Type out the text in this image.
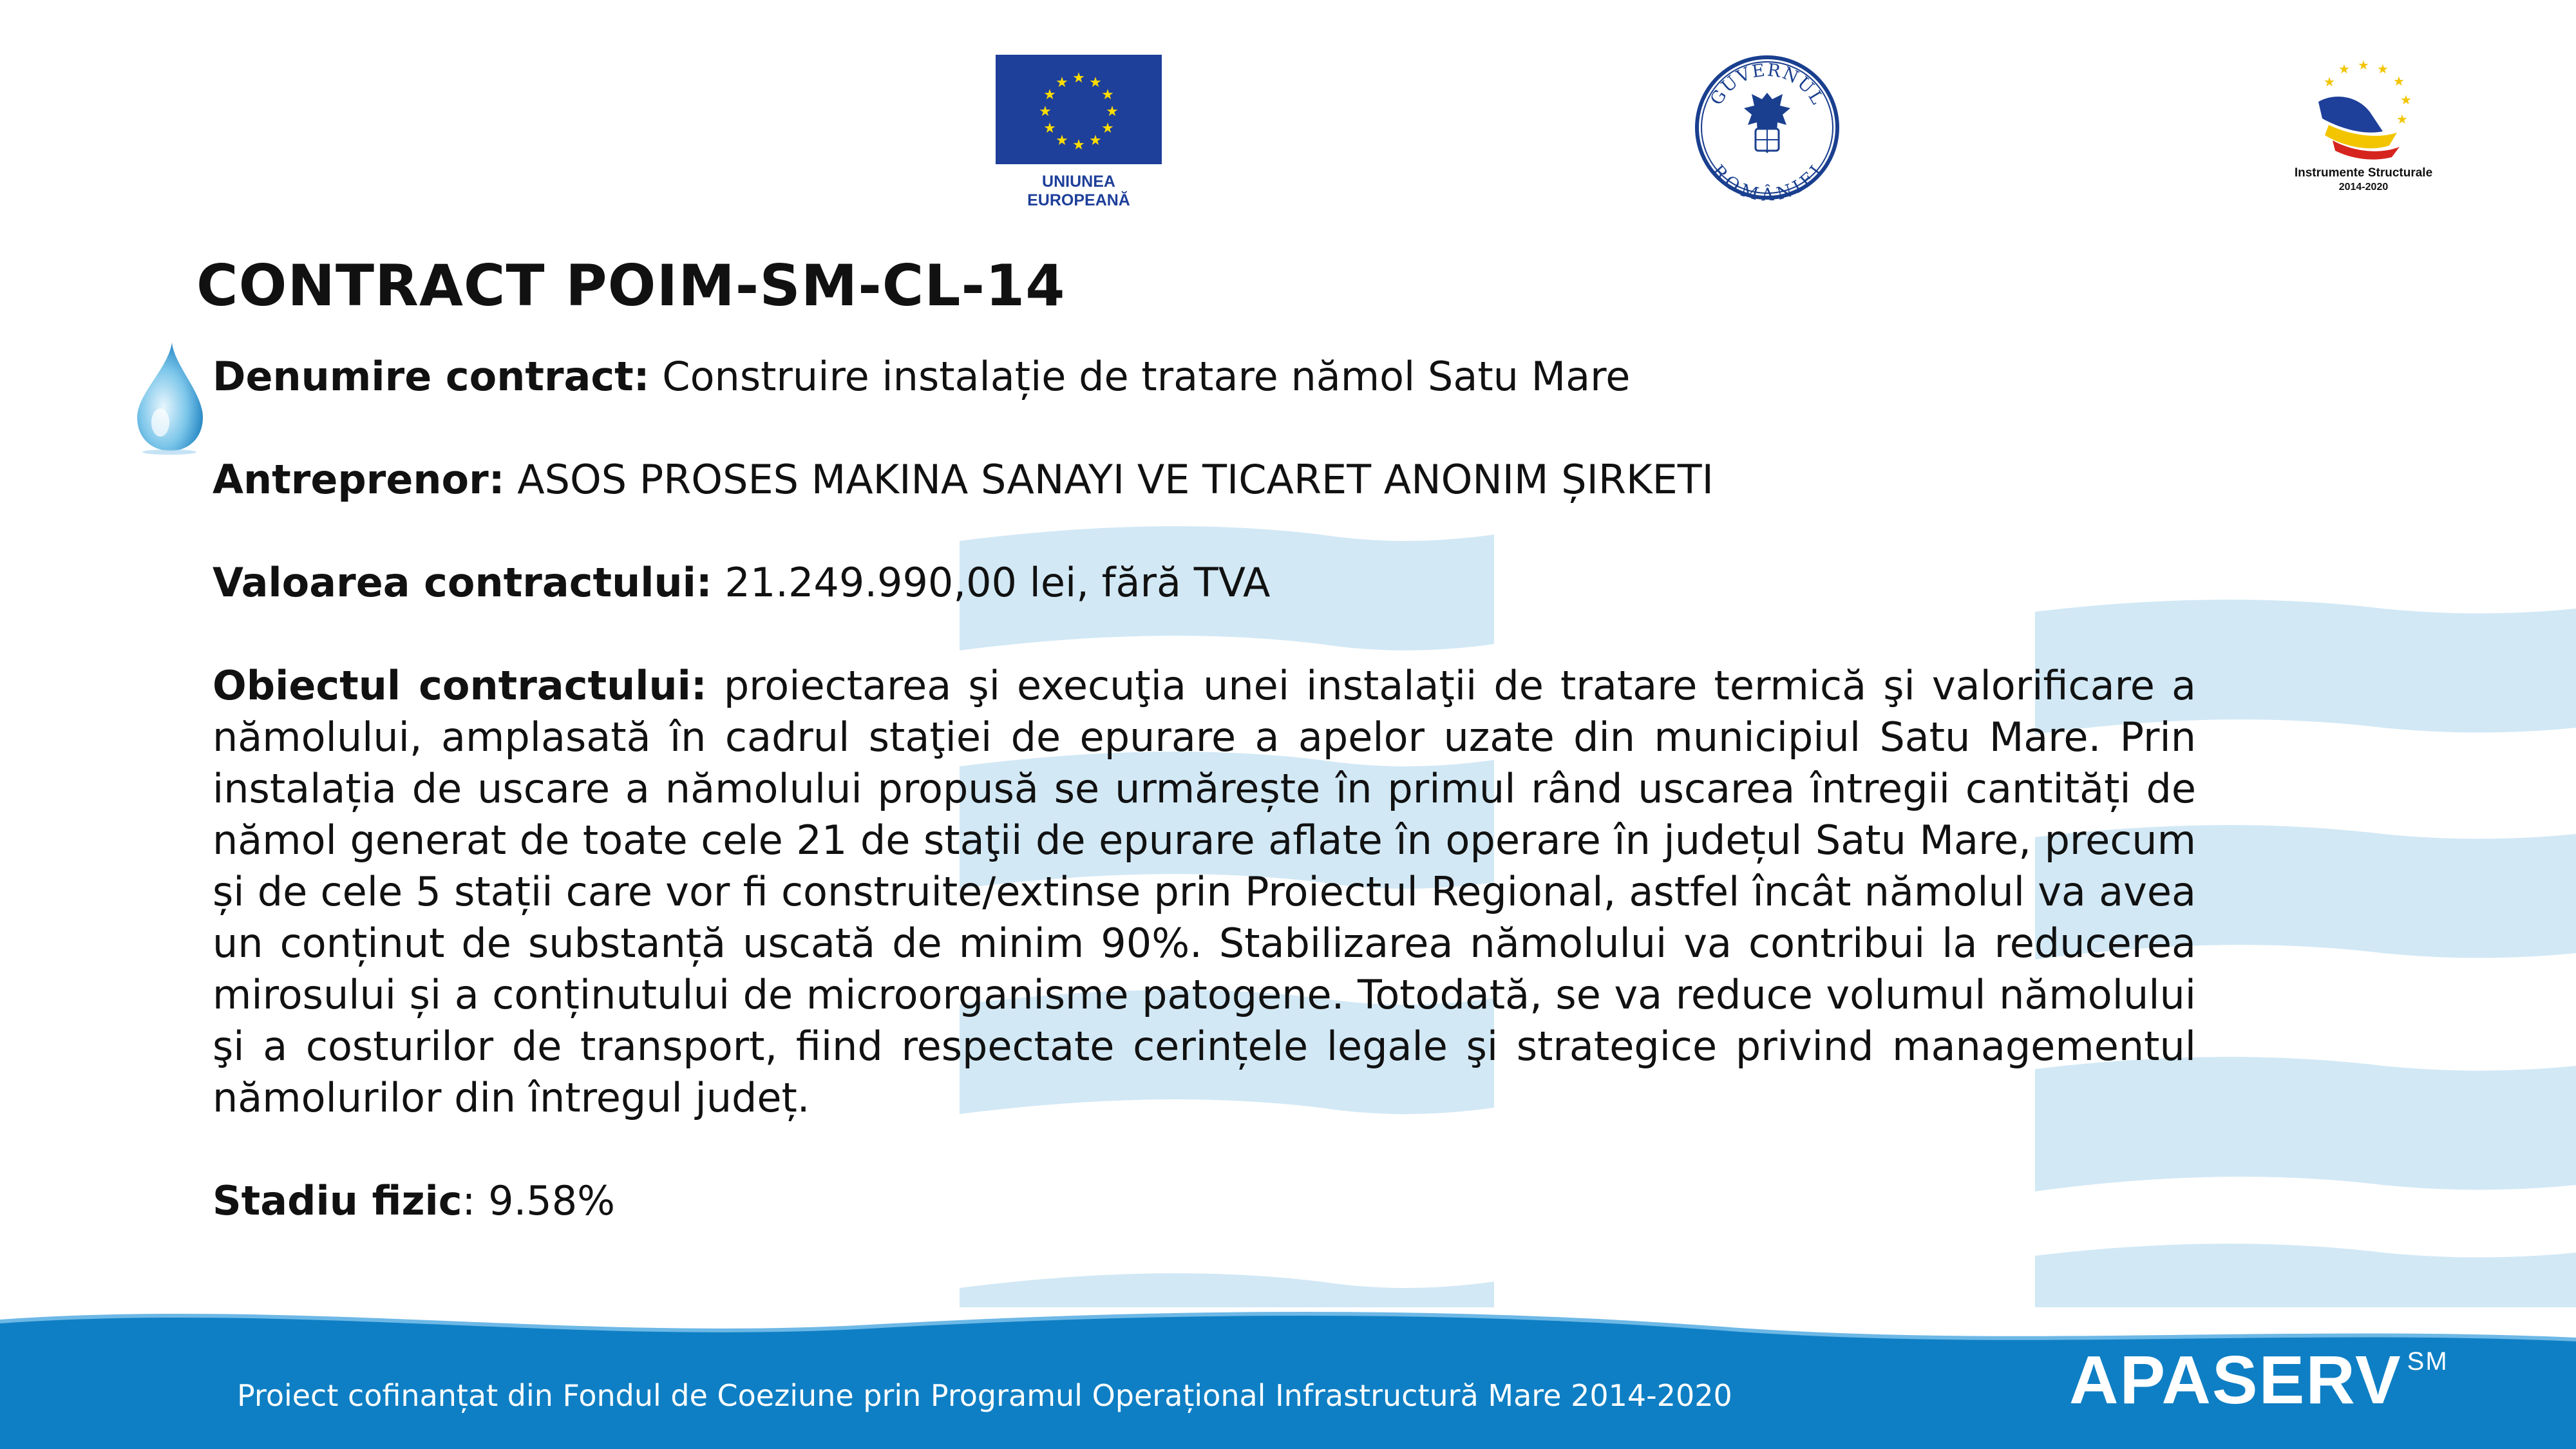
★ ★
★
★
★
★
★
★
★
★
★
★
UNIUNEA EUROPEANĂ
GUVERNUL
ROMÂNIEI
★ ★
★
★
★
★
★
Instrumente Structurale
2014-2020
CONTRACT POIM-SM-CL-14

Denumire contract: Construire instalație de tratare nămol Satu Mare

Antreprenor: ASOS PROSES MAKINA SANAYI VE TICARET ANONIM ȘIRKETI

Valoarea contractului: 21.249.990,00 lei, fără TVA

Obiectul contractului: proiectarea şi execuţia unei instalaţii de tratare termică şi valorificare a nămolului, amplasată în cadrul staţiei de epurare a apelor uzate din municipiul Satu Mare. Prin instalația de uscare a nămolului propusă se urmărește în primul rând uscarea întregii cantități de nămol generat de toate cele 21 de staţii de epurare aflate în operare în județul Satu Mare, precum și de cele 5 stații care vor fi construite/extinse prin Proiectul Regional, astfel încât nămolul va avea un conținut de substanță uscată de minim 90%. Stabilizarea nămolului va contribui la reducerea mirosului și a conținutului de microorganisme patogene. Totodată, se va reduce volumul nămolului şi a costurilor de transport, fiind respectate cerințele legale şi strategice privind managementul nămolurilor din întregul județ.

Stadiu fizic: 9.58%

Proiect cofinanțat din Fondul de Coeziune prin Programul Operațional Infrastructură Mare 2014-2020	APASERV ℠
